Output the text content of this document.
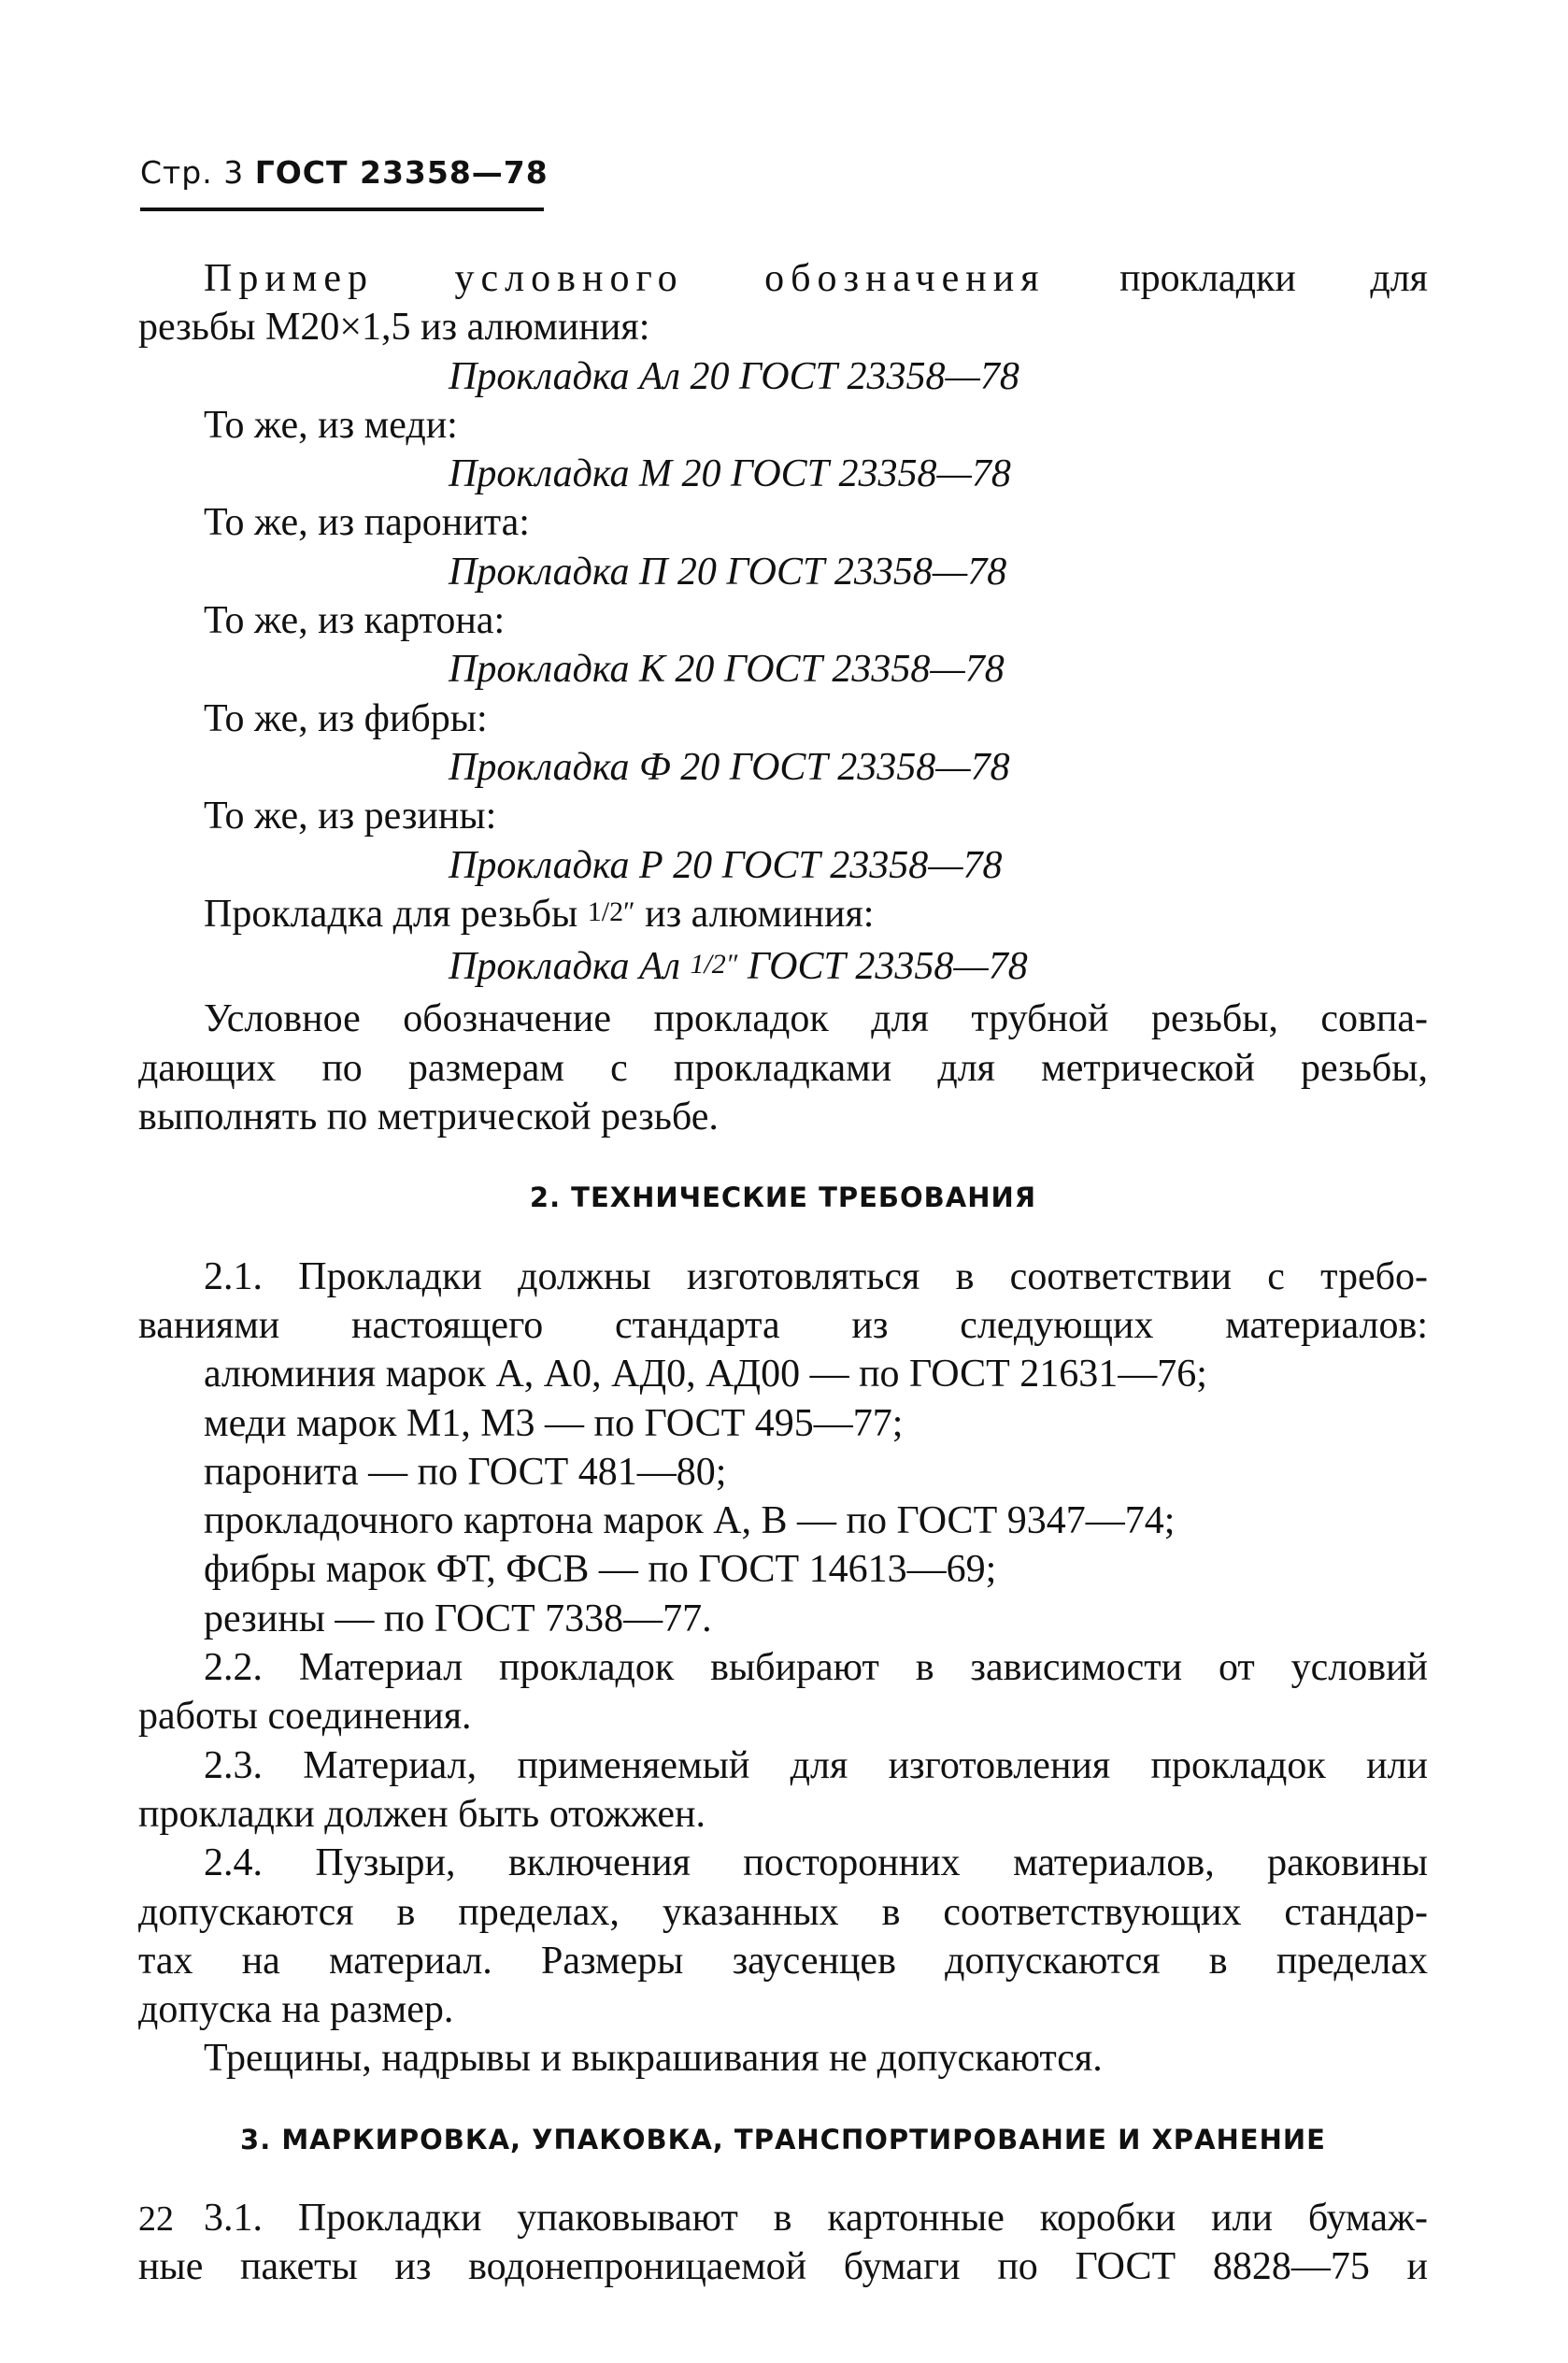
Стр. 3 ГОСТ 23358—78

Пример условного обозначения прокладки для

резьбы М20×1,5 из алюминия:

Прокладка Ал 20 ГОСТ 23358—78

То же, из меди:

Прокладка М 20 ГОСТ 23358—78

То же, из паронита:

Прокладка П 20 ГОСТ 23358—78

То же, из картона:

Прокладка К 20 ГОСТ 23358—78

То же, из фибры:

Прокладка Ф 20 ГОСТ 23358—78

То же, из резины:

Прокладка Р 20 ГОСТ 23358—78

Прокладка для резьбы 1/2″ из алюминия:

Прокладка Ал 1/2″ ГОСТ 23358—78

Условное обозначение прокладок для трубной резьбы, совпа-

дающих по размерам с прокладками для метрической резьбы,

выполнять по метрической резьбе.

2. ТЕХНИЧЕСКИЕ ТРЕБОВАНИЯ

2.1. Прокладки должны изготовляться в соответствии с требо-

ваниями настоящего стандарта из следующих материалов:

алюминия марок А, А0, АД0, АД00 — по ГОСТ 21631—76;

меди марок М1, М3 — по ГОСТ 495—77;

паронита — по ГОСТ 481—80;

прокладочного картона марок А, В — по ГОСТ 9347—74;

фибры марок ФТ, ФСВ — по ГОСТ 14613—69;

резины — по ГОСТ 7338—77.

2.2. Материал прокладок выбирают в зависимости от условий

работы соединения.

2.3. Материал, применяемый для изготовления прокладок или

прокладки должен быть отожжен.

2.4. Пузыри, включения посторонних материалов, раковины

допускаются в пределах, указанных в соответствующих стандар-

тах на материал. Размеры заусенцев допускаются в пределах

допуска на размер.

Трещины, надрывы и выкрашивания не допускаются.

3. МАРКИРОВКА, УПАКОВКА, ТРАНСПОРТИРОВАНИЕ И ХРАНЕНИЕ

3.1. Прокладки упаковывают в картонные коробки или бумаж-

ные пакеты из водонепроницаемой бумаги по ГОСТ 8828—75 и

22
